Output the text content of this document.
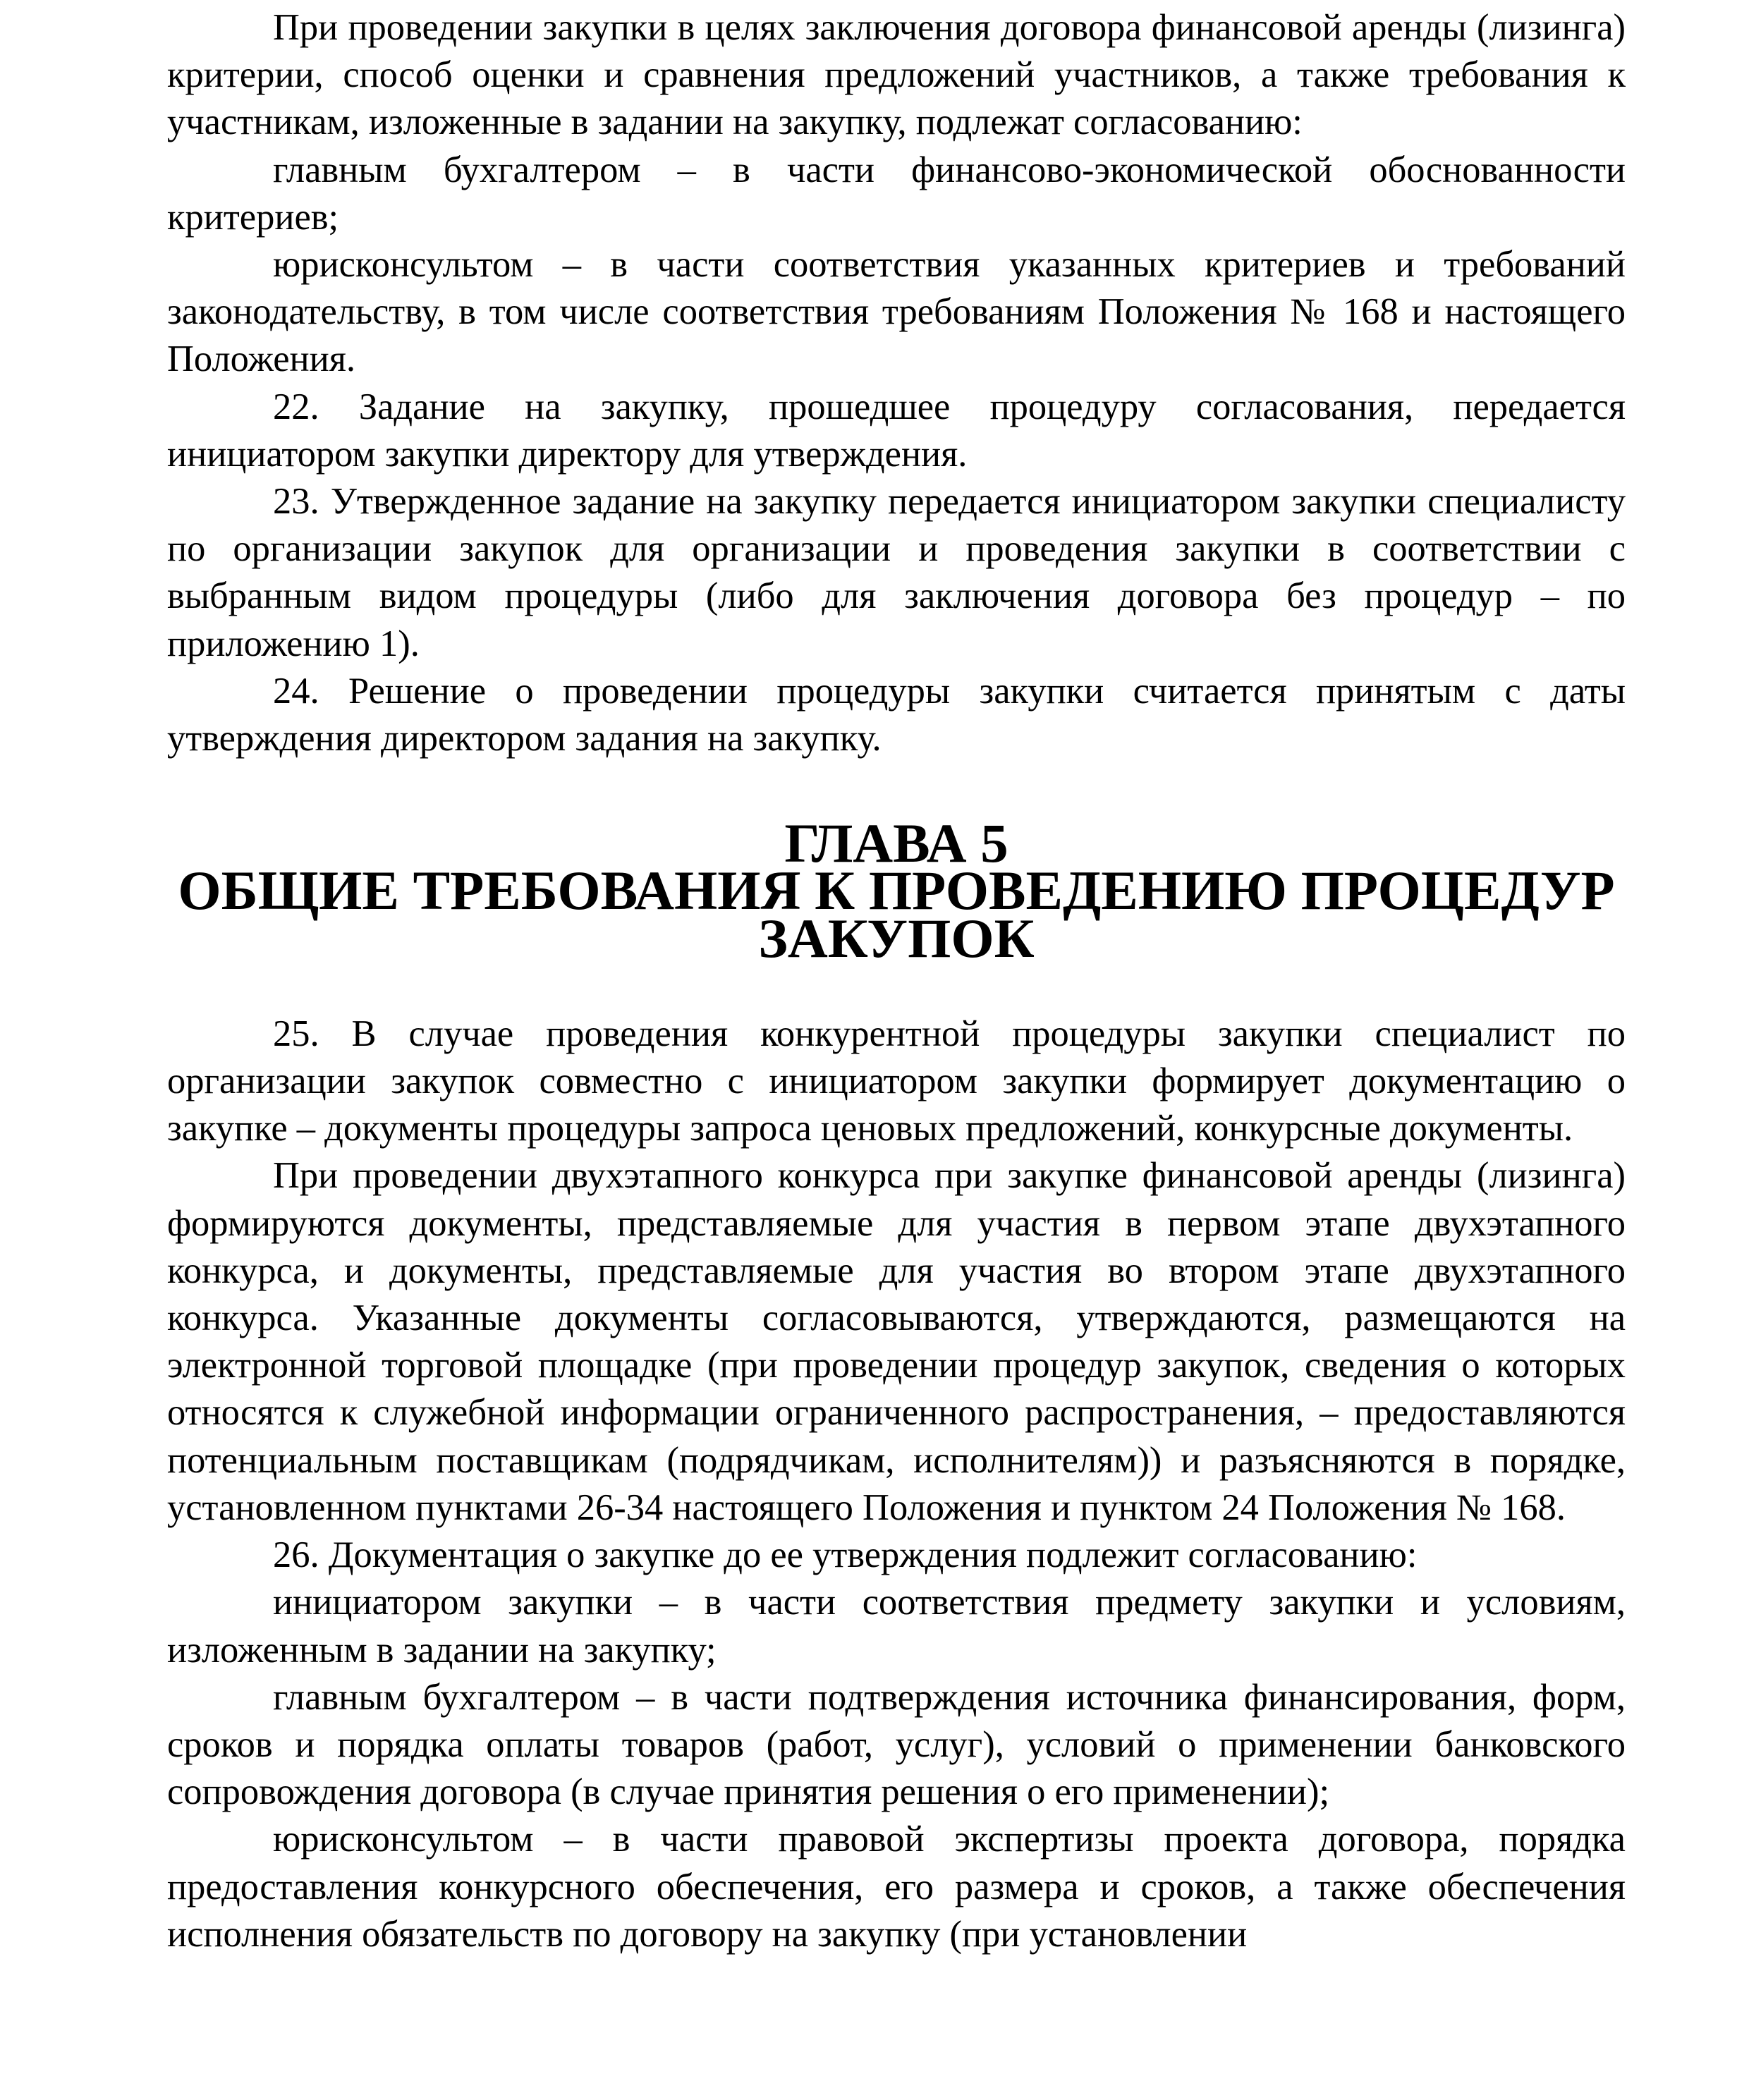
При проведении закупки в целях заключения договора финансовой аренды (лизинга) критерии, способ оценки и сравнения предложений участников, а также требования к участникам, изложенные в задании на закупку, подлежат согласованию:

главным бухгалтером – в части финансово-экономической обоснованности критериев;

юрисконсультом – в части соответствия указанных критериев и требований законодательству, в том числе соответствия требованиям Положения № 168 и настоящего Положения.

22. Задание на закупку, прошедшее процедуру согласования, передается инициатором закупки директору для утверждения.

23. Утвержденное задание на закупку передается инициатором закупки специалисту по организации закупок для организации и проведения закупки в соответствии с выбранным видом процедуры (либо для заключения договора без процедур – по приложению 1).

24. Решение о проведении процедуры закупки считается принятым с даты утверждения директором задания на закупку.

ГЛАВА 5
ОБЩИЕ ТРЕБОВАНИЯ К ПРОВЕДЕНИЮ ПРОЦЕДУР ЗАКУПОК

25. В случае проведения конкурентной процедуры закупки специалист по организации закупок совместно с инициатором закупки формирует документацию о закупке – документы процедуры запроса ценовых предложений, конкурсные документы.

При проведении двухэтапного конкурса при закупке финансовой аренды (лизинга) формируются документы, представляемые для участия в первом этапе двухэтапного конкурса, и документы, представляемые для участия во втором этапе двухэтапного конкурса. Указанные документы согласовываются, утверждаются, размещаются на электронной торговой площадке (при проведении процедур закупок, сведения о которых относятся к служебной информации ограниченного распространения, – предоставляются потенциальным поставщикам (подрядчикам, исполнителям)) и разъясняются в порядке, установленном пунктами 26-34 настоящего Положения и пунктом 24 Положения № 168.

26. Документация о закупке до ее утверждения подлежит согласованию:

инициатором закупки – в части соответствия предмету закупки и условиям, изложенным в задании на закупку;

главным бухгалтером – в части подтверждения источника финансирования, форм, сроков и порядка оплаты товаров (работ, услуг), условий о применении банковского сопровождения договора (в случае принятия решения о его применении);

юрисконсультом – в части правовой экспертизы проекта договора, порядка предоставления конкурсного обеспечения, его размера и сроков, а также обеспечения исполнения обязательств по договору на закупку (при установлении
